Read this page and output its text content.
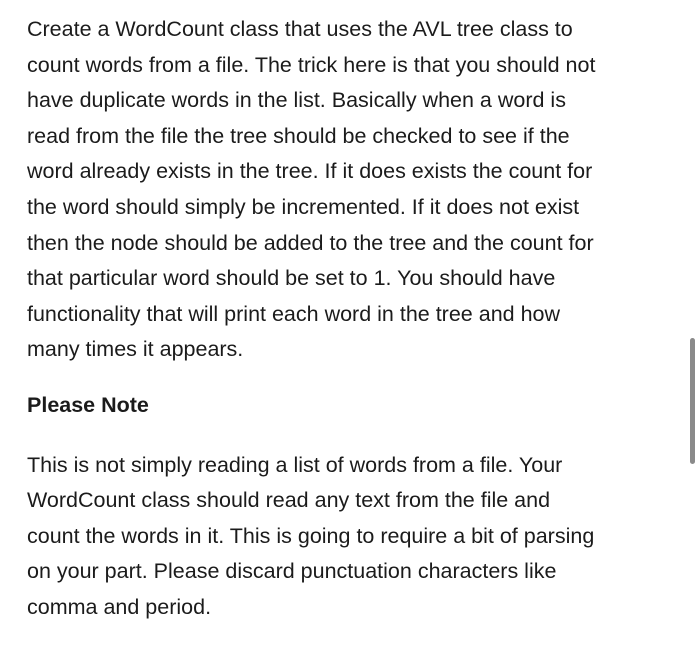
Create a WordCount class that uses the AVL tree class to
count words from a file. The trick here is that you should not
have duplicate words in the list. Basically when a word is
read from the file the tree should be checked to see if the
word already exists in the tree. If it does exists the count for
the word should simply be incremented. If it does not exist
then the node should be added to the tree and the count for
that particular word should be set to 1. You should have
functionality that will print each word in the tree and how
many times it appears.

Please Note

This is not simply reading a list of words from a file. Your
WordCount class should read any text from the file and
count the words in it. This is going to require a bit of parsing
on your part. Please discard punctuation characters like
comma and period.
